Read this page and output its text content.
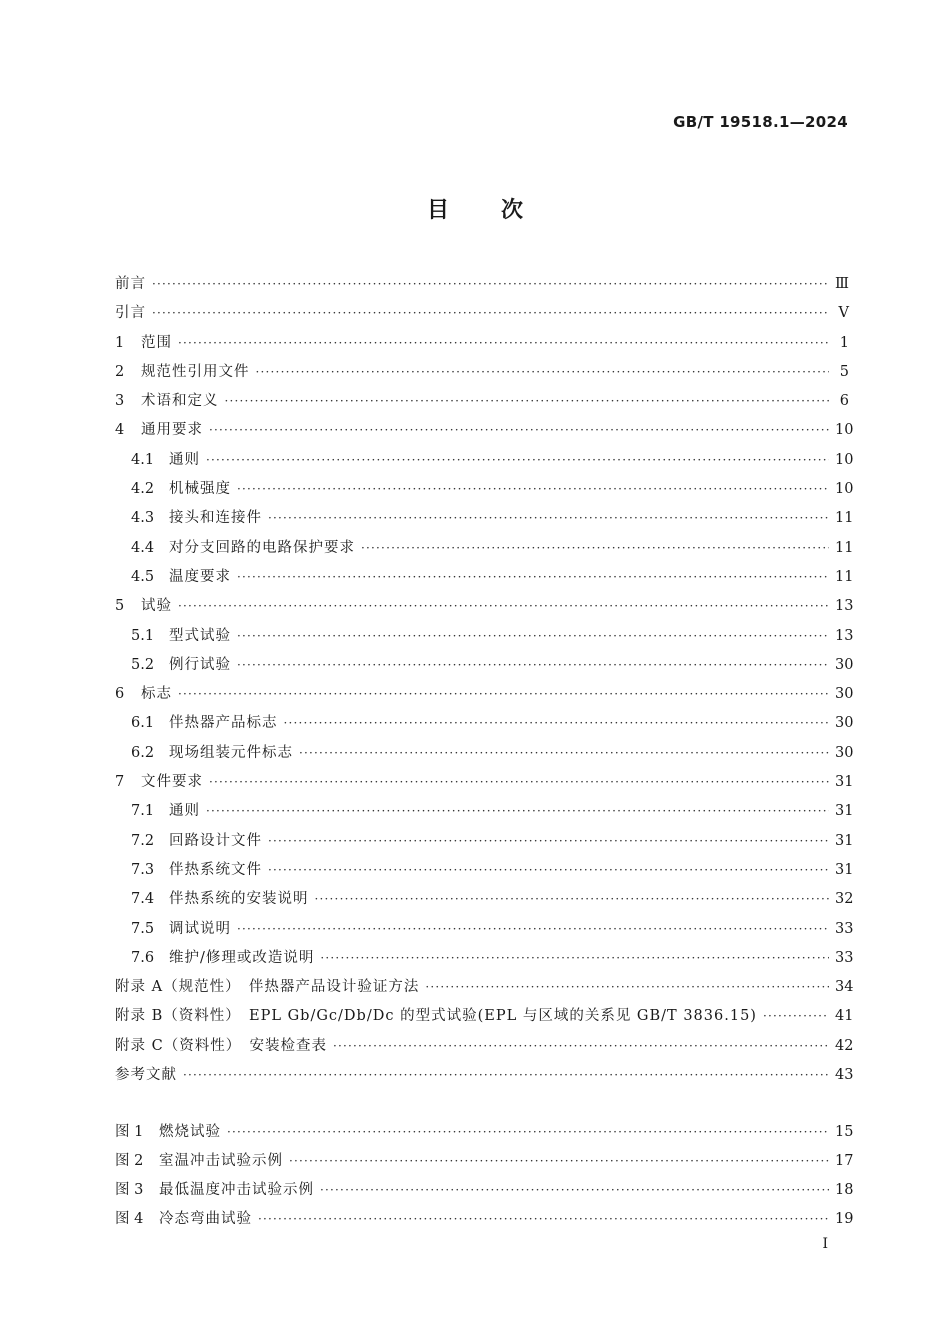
GB/T 19518.1—2024
目 次
前言 ·····	Ⅲ
引言 ·····	Ⅴ
1	范围 ·····	1
2	规范性引用文件 ·····	5
3	术语和定义 ·····	6
4	通用要求 ·····	10
4.1	通则 ·····	10
4.2	机械强度 ·····	10
4.3	接头和连接件 ·····	11
4.4	对分支回路的电路保护要求 ·····	11
4.5	温度要求 ·····	11
5	试验 ·····	13
5.1	型式试验 ·····	13
5.2	例行试验 ·····	30
6	标志 ·····	30
6.1	伴热器产品标志 ·····	30
6.2	现场组装元件标志 ·····	30
7	文件要求 ·····	31
7.1	通则 ·····	31
7.2	回路设计文件 ·····	31
7.3	伴热系统文件 ·····	31
7.4	伴热系统的安装说明 ·····	32
7.5	调试说明 ·····	33
7.6	维护/修理或改造说明 ·····	33
附录 A（规范性）　伴热器产品设计验证方法 ·····	34
附录 B（资料性）　EPL Gb/Gc/Db/Dc 的型式试验(EPL 与区域的关系见 GB/T 3836.15) ·····	41
附录 C（资料性）　安装检查表 ·····	42
参考文献 ·····	43
图 1	燃烧试验 ·····	15
图 2	室温冲击试验示例 ·····	17
图 3	最低温度冲击试验示例 ·····	18
图 4	冷态弯曲试验 ·····	19
I
